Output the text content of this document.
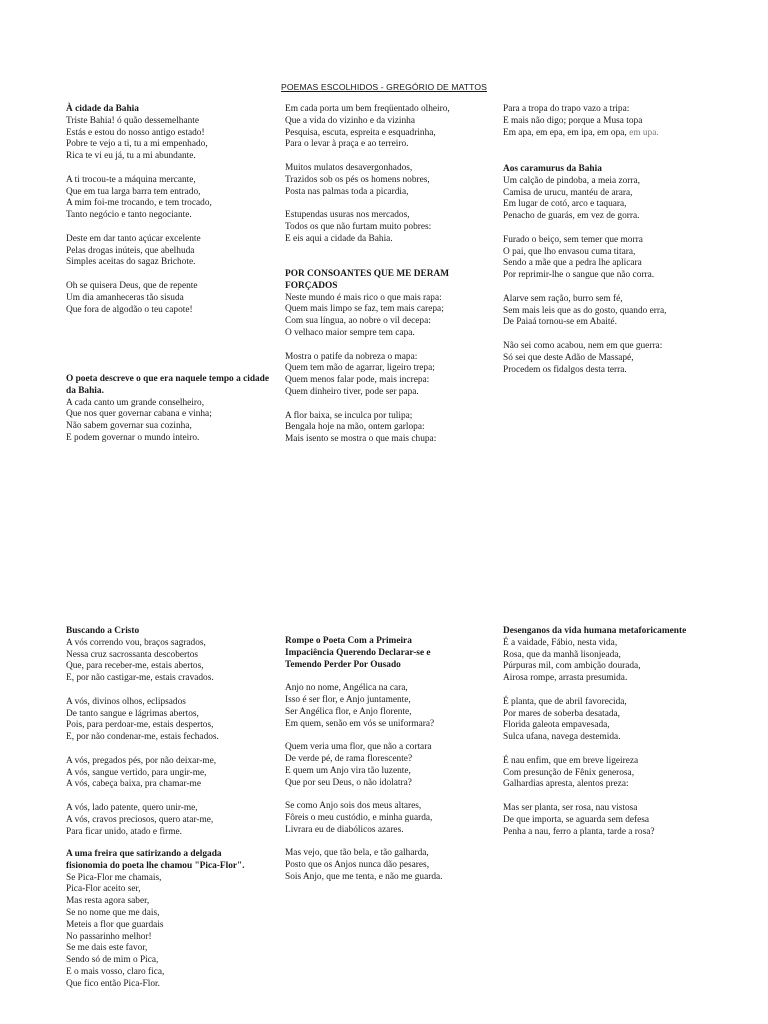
POEMAS ESCOLHIDOS - GREGÓRIO DE MATTOS
À cidade da Bahia

Triste Bahia! ó quão dessemelhante
Estás e estou do nosso antigo estado!
Pobre te vejo a ti, tu a mi empenhado,
Rica te vi eu já, tu a mi abundante.

A ti trocou-te a máquina mercante,
Que em tua larga barra tem entrado,
A mim foi-me trocando, e tem trocado,
Tanto negócio e tanto negociante.

Deste em dar tanto açúcar excelente
Pelas drogas inúteis, que abelhuda
Simples aceitas do sagaz Brichote.

Oh se quisera Deus, que de repente
Um dia amanheceras tão sisuda
Que fora de algodão o teu capote!

O poeta descreve o que era naquele tempo a cidade da Bahia.

A cada canto um grande conselheiro,
Que nos quer governar cabana e vinha;
Não sabem governar sua cozinha,
E podem governar o mundo inteiro.

Em cada porta um bem freqüentado olheiro,
Que a vida do vizinho e da vizinha
Pesquisa, escuta, espreita e esquadrinha,
Para o levar à praça e ao terreiro.

Muitos mulatos desavergonhados,
Trazidos sob os pés os homens nobres,
Posta nas palmas toda a picardia,

Estupendas usuras nos mercados,
Todos os que não furtam muito pobres:
E eis aqui a cidade da Bahia.

POR CONSOANTES QUE ME DERAM FORÇADOS

Neste mundo é mais rico o que mais rapa:
Quem mais limpo se faz, tem mais carepa;
Com sua língua, ao nobre o vil decepa:
O velhaco maior sempre tem capa.

Mostra o patife da nobreza o mapa:
Quem tem mão de agarrar, ligeiro trepa;
Quem menos falar pode, mais increpa:
Quem dinheiro tiver, pode ser papa.

A flor baixa, se inculca por tulipa;
Bengala hoje na mão, ontem garlopa:
Mais isento se mostra o que mais chupa:

Para a tropa do trapo vazo a tripa:
E mais não digo; porque a Musa topa
Em apa, em epa, em ipa, em opa, em upa.
Aos caramurus da Bahia

Um calção de pindoba, a meia zorra,
Camisa de urucu, mantéu de arara,
Em lugar de cotó, arco e taquara,
Penacho de guarás, em vez de gorra.

Furado o beiço, sem temer que morra
O pai, que lho envasou cuma titara,
Sendo a mãe que a pedra lhe aplicara
Por reprimir-lhe o sangue que não corra.

Alarve sem ração, burro sem fé,
Sem mais leis que as do gosto, quando erra,
De Paiaá tornou-se em Abaité.

Não sei como acabou, nem em que guerra:
Só sei que deste Adão de Massapé,
Procedem os fidalgos desta terra.

Buscando a Cristo

A vós correndo vou, braços sagrados,
Nessa cruz sacrossanta descobertos
Que, para receber-me, estais abertos,
E, por não castigar-me, estais cravados.

A vós, divinos olhos, eclipsados
De tanto sangue e lágrimas abertos,
Pois, para perdoar-me, estais despertos,
E, por não condenar-me, estais fechados.

A vós, pregados pés, por não deixar-me,
A vós, sangue vertido, para ungir-me,
A vós, cabeça baixa, pra chamar-me

A vós, lado patente, quero unir-me,
A vós, cravos preciosos, quero atar-me,
Para ficar unido, atado e firme.

A uma freira que satirizando a delgada fisionomia do poeta lhe chamou "Pica-Flor".

Se Pica-Flor me chamais,
Pica-Flor aceito ser,
Mas resta agora saber,
Se no nome que me dais,
Meteis a flor que guardais
No passarinho melhor!
Se me dais este favor,
Sendo só de mim o Pica,
E o mais vosso, claro fica,
Que fico então Pica-Flor.

Rompe o Poeta Com a Primeira Impaciência Querendo Declarar-se e Temendo Perder Por Ousado

Anjo no nome, Angélica na cara,
Isso é ser flor, e Anjo juntamente,
Ser Angélica flor, e Anjo florente,
Em quem, senão em vós se uniformara?

Quem veria uma flor, que não a cortara
De verde pé, de rama florescente?
E quem um Anjo vira tão luzente,
Que por seu Deus, o não idolatra?

Se como Anjo sois dos meus altares,
Fôreis o meu custódio, e minha guarda,
Livrara eu de diabólicos azares.

Mas vejo, que tão bela, e tão galharda,
Posto que os Anjos nunca dão pesares,
Sois Anjo, que me tenta, e não me guarda.

Desenganos da vida humana metaforicamente

É a vaidade, Fábio, nesta vida,
Rosa, que da manhã lisonjeada,
Púrpuras mil, com ambição dourada,
Airosa rompe, arrasta presumida.

É planta, que de abril favorecida,
Por mares de soberba desatada,
Florida galeota empavesada,
Sulca ufana, navega destemida.

É nau enfim, que em breve ligeireza
Com presunção de Fênix generosa,
Galhardias apresta, alentos preza:

Mas ser planta, ser rosa, nau vistosa
De que importa, se aguarda sem defesa
Penha a nau, ferro a planta, tarde a rosa?
